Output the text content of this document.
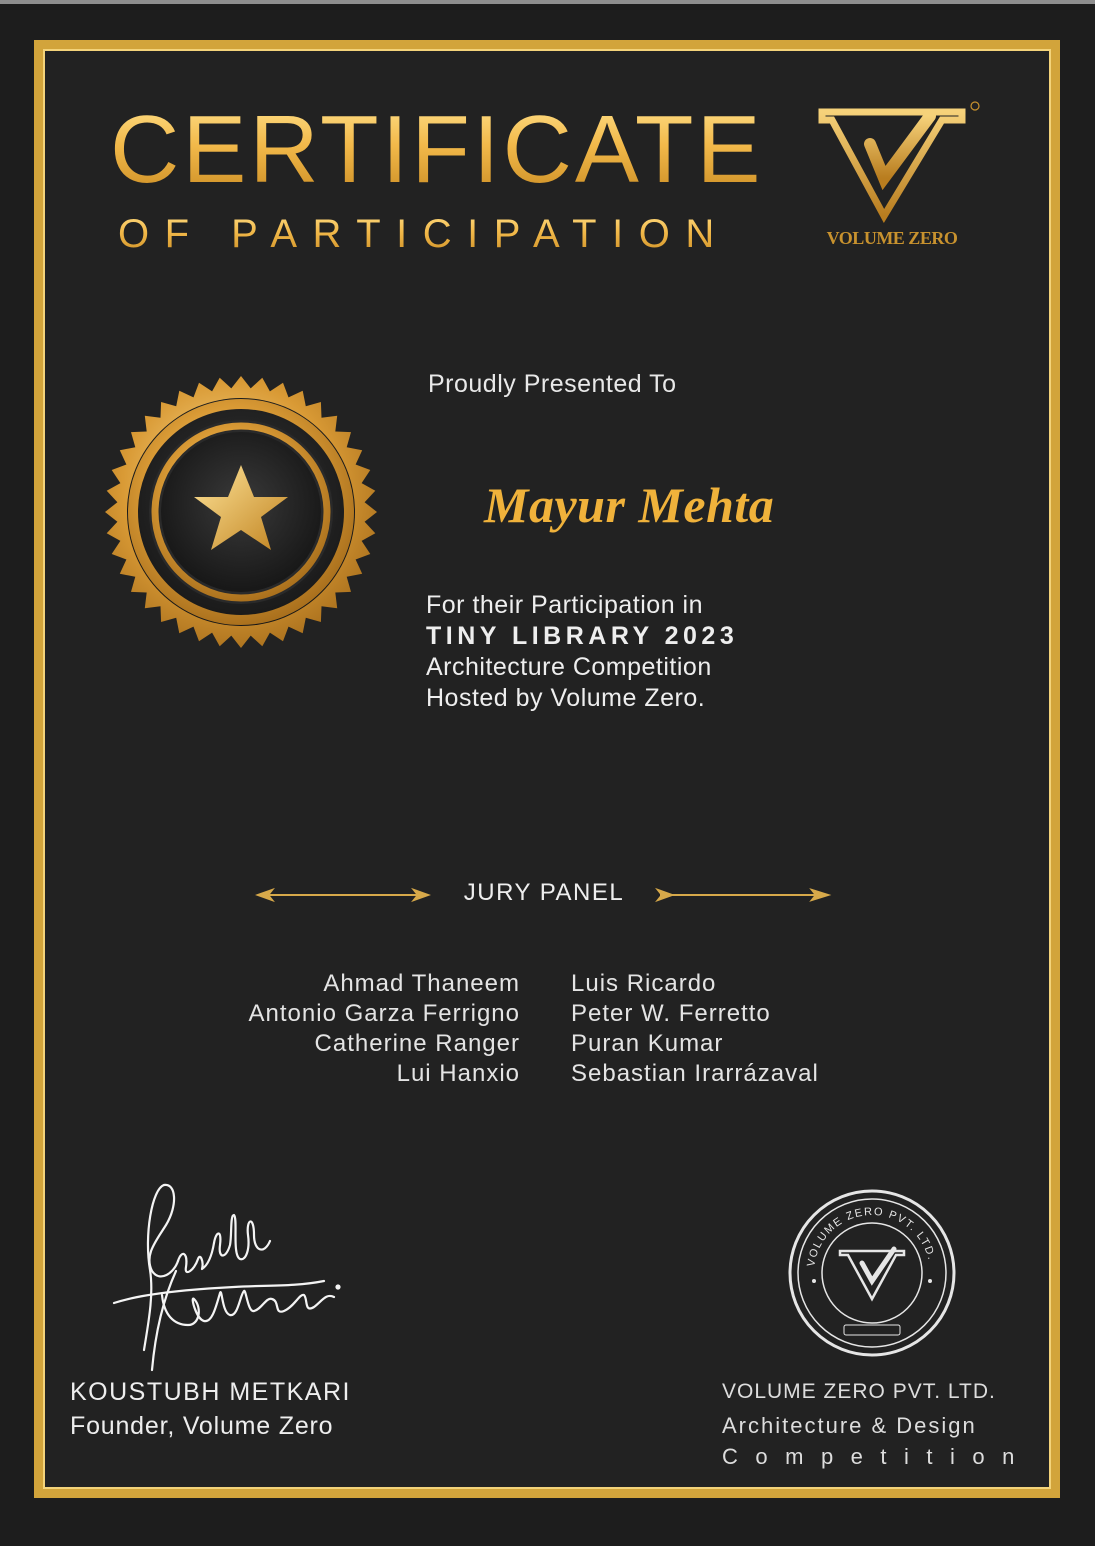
CERTIFICATE
OF PARTICIPATION	VOLUME ZERO
Proudly Presented To
Mayur Mehta
For their Participation in
TINY LIBRARY 2023
Architecture Competition
Hosted by Volume Zero.
JURY PANEL
Ahmad Thaneem
Antonio Garza Ferrigno
Catherine Ranger
Lui Hanxio
Luis Ricardo
Peter W. Ferretto
Puran Kumar
Sebastian Irarrázaval
KOUSTUBH METKARI
Founder, Volume Zero
VOLUME ZERO PVT. LTD.
VOLUME ZERO PVT. LTD.
Architecture & Design
Competition
